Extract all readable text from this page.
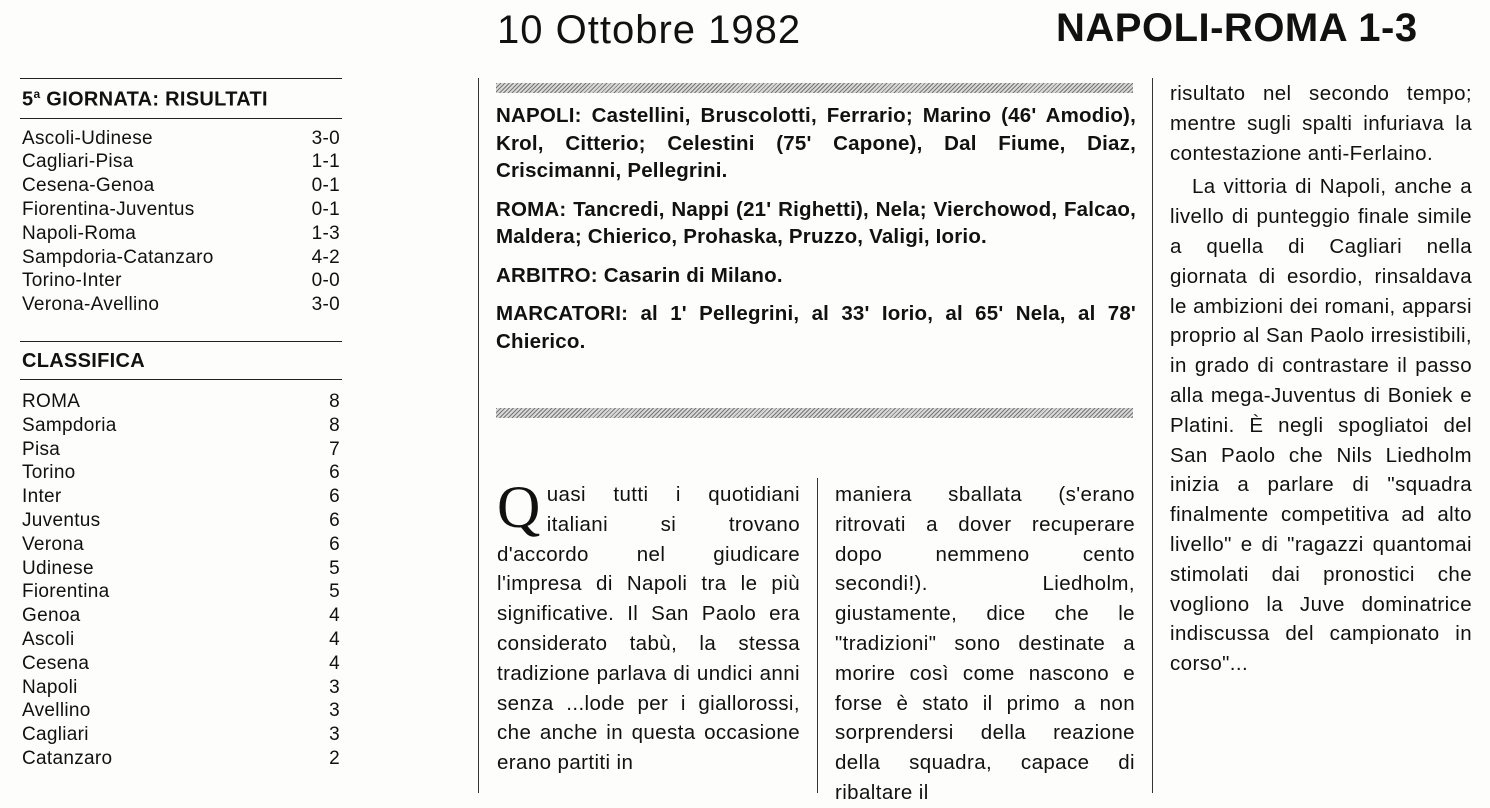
10 Ottobre 1982	NAPOLI-ROMA 1-3
5$^a$ GIORNATA: RISULTATI
Ascoli-Udinese	3-0
Cagliari-Pisa	1-1
Cesena-Genoa	0-1
Fiorentina-Juventus	0-1
Napoli-Roma	1-3
Sampdoria-Catanzaro	4-2
Torino-Inter	0-0
Verona-Avellino	3-0
CLASSIFICA
ROMA	8
Sampdoria	8
Pisa	7
Torino	6
Inter	6
Juventus	6
Verona	6
Udinese	5
Fiorentina	5
Genoa	4
Ascoli	4
Cesena	4
Napoli	3
Avellino	3
Cagliari	3
Catanzaro	2

NAPOLI: Castellini, Bruscolotti, Ferrario; Marino (46' Amodio), Krol, Citterio; Celestini (75' Capone), Dal Fiume, Diaz, Criscimanni, Pellegrini.

ROMA: Tancredi, Nappi (21' Righetti), Nela; Vierchowod, Falcao, Maldera; Chierico, Prohaska, Pruzzo, Valigi, Iorio.

ARBITRO: Casarin di Milano.

MARCATORI: al 1' Pellegrini, al 33' Iorio, al 65' Nela, al 78' Chierico.

Quasi tutti i quotidiani italiani si trovano d'accordo nel giudicare l'impresa di Napoli tra le più significative. Il San Paolo era considerato tabù, la stessa tradizione parlava di undici anni senza ...lode per i giallorossi, che anche in questa occasione erano partiti in

maniera sballata (s'erano ritrovati a dover recuperare dopo nemmeno cento secondi!). Liedholm, giustamente, dice che le "tradizioni" sono destinate a morire così come nascono e forse è stato il primo a non sorprendersi della reazione della squadra, capace di ribaltare il

risultato nel secondo tempo; mentre sugli spalti infuriava la contestazione anti-Ferlaino.

La vittoria di Napoli, anche a livello di punteggio finale simile a quella di Cagliari nella giornata di esordio, rinsaldava le ambizioni dei romani, apparsi proprio al San Paolo irresistibili, in grado di contrastare il passo alla mega-Juventus di Boniek e Platini. È negli spogliatoi del San Paolo che Nils Liedholm inizia a parlare di "squadra finalmente competitiva ad alto livello" e di "ragazzi quantomai stimolati dai pronostici che vogliono la Juve dominatrice indiscussa del campionato in corso"...
